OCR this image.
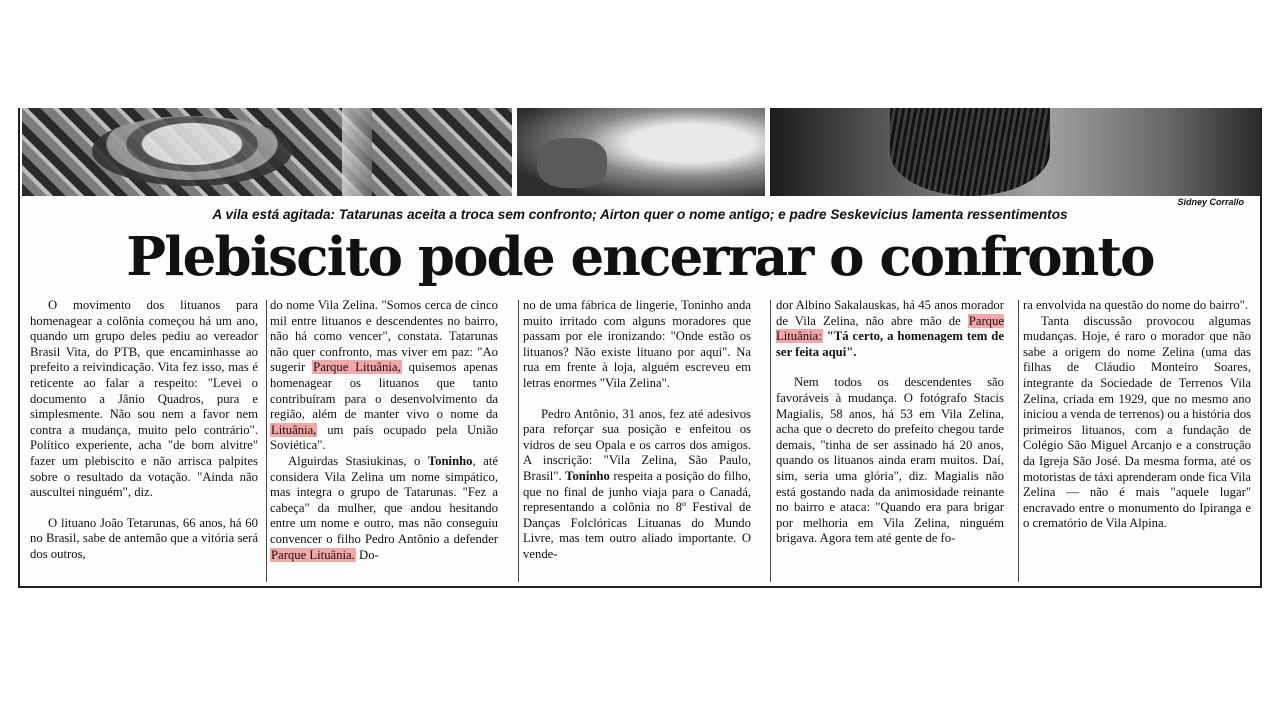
Sidney Corrallo
A vila está agitada: Tatarunas aceita a troca sem confronto; Airton quer o nome antigo; e padre Seskevicius lamenta ressentimentos
Plebiscito pode encerrar o confronto

O movimento dos lituanos para homenagear a colônia começou há um ano, quando um grupo deles pediu ao vereador Brasil Vita, do PTB, que encaminhasse ao prefeito a reivindicação. Vita fez isso, mas é reticente ao falar a respeito: "Levei o documento a Jânio Quadros, pura e simplesmente. Não sou nem a favor nem contra a mudança, muito pelo contrário". Político experiente, acha "de bom alvitre" fazer um plebiscito e não arrisca palpites sobre o resultado da votação. "Ainda não auscultei ninguém", diz.

O lituano João Tetarunas, 66 anos, há 60 no Brasil, sabe de antemão que a vitória será dos outros,

do nome Vila Zelina. "Somos cerca de cinco mil entre lituanos e descendentes no bairro, não há como vencer", constata. Tatarunas não quer confronto, mas viver em paz: "Ao sugerir Parque Lituânia, quisemos apenas homenagear os lituanos que tanto contribuíram para o desenvolvimento da região, além de manter vivo o nome da Lituânia, um país ocupado pela União Soviética".

Alguirdas Stasiukinas, o Toninho, até considera Vila Zelina um nome simpático, mas integra o grupo de Tatarunas. "Fez a cabeça" da mulher, que andou hesitando entre um nome e outro, mas não conseguiu convencer o filho Pedro Antônio a defender Parque Lituânia. Do-

no de uma fábrica de lingerie, Toninho anda muito irritado com alguns moradores que passam por ele ironizando: "Onde estão os lituanos? Não existe lituano por aqui". Na rua em frente à loja, alguém escreveu em letras enormes "Vila Zelina".

Pedro Antônio, 31 anos, fez até adesivos para reforçar sua posição e enfeitou os vidros de seu Opala e os carros dos amigos. A inscrição: "Vila Zelina, São Paulo, Brasil". Toninho respeita a posição do filho, que no final de junho viaja para o Canadá, representando a colônia no 8º Festival de Danças Folclóricas Lituanas do Mundo Livre, mas tem outro aliado importante. O vende-

dor Albino Sakalauskas, há 45 anos morador de Vila Zelina, não abre mão de Parque Lituânia: "Tá certo, a homenagem tem de ser feita aqui".

Nem todos os descendentes são favoráveis à mudança. O fotógrafo Stacis Magialis, 58 anos, há 53 em Vila Zelina, acha que o decreto do prefeito chegou tarde demais, "tinha de ser assinado há 20 anos, quando os lituanos ainda eram muitos. Daí, sim, seria uma glória", diz. Magialis não está gostando nada da animosidade reinante no bairro e ataca: "Quando era para brigar por melhoria em Vila Zelina, ninguém brigava. Agora tem até gente de fo-

ra envolvida na questão do nome do bairro".

Tanta discussão provocou algumas mudanças. Hoje, é raro o morador que não sabe a origem do nome Zelina (uma das filhas de Cláudio Monteiro Soares, integrante da Sociedade de Terrenos Vila Zelina, criada em 1929, que no mesmo ano iniciou a venda de terrenos) ou a história dos primeiros lituanos, com a fundação de Colégio São Miguel Arcanjo e a construção da Igreja São José. Da mesma forma, até os motoristas de táxi aprenderam onde fica Vila Zelina — não é mais "aquele lugar" encravado entre o monumento do Ipiranga e o crematório de Vila Alpina.
